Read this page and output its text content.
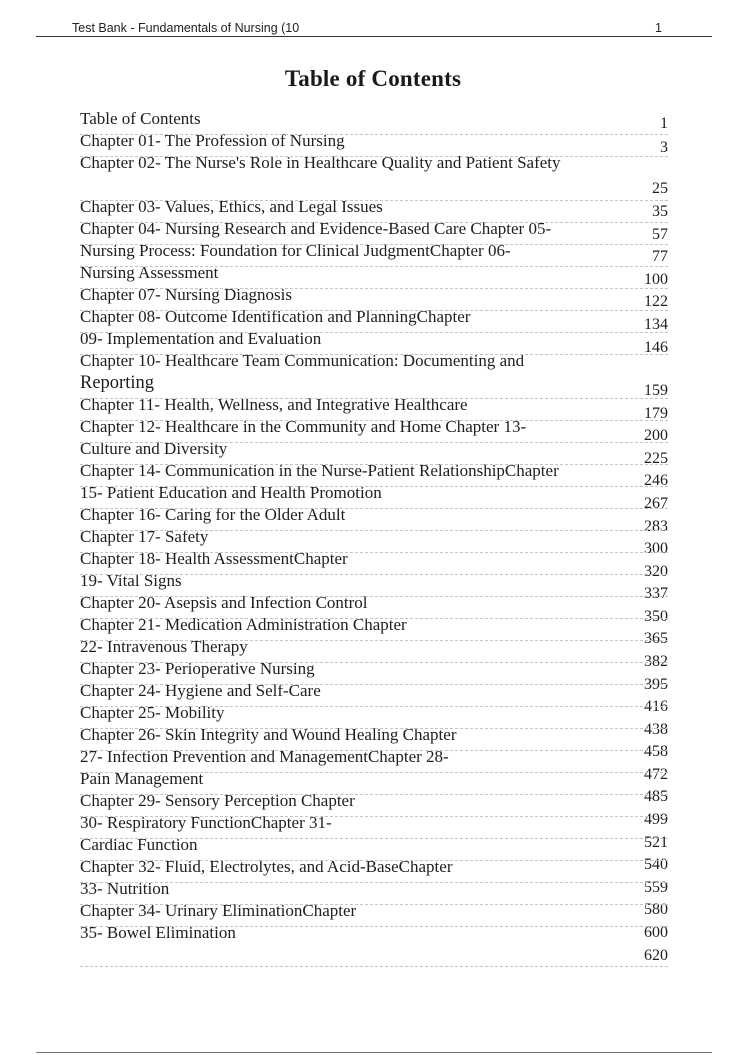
Test Bank - Fundamentals of Nursing (10	1
Table of Contents
Table of Contents
Chapter 01- The Profession of Nursing
Chapter 02- The Nurse's Role in Healthcare Quality and Patient Safety
Chapter 03- Values, Ethics, and Legal Issues
Chapter 04- Nursing Research and Evidence-Based Care Chapter 05-
Nursing Process: Foundation for Clinical JudgmentChapter 06-
Nursing Assessment
Chapter 07- Nursing Diagnosis
Chapter 08- Outcome Identification and PlanningChapter
09- Implementation and Evaluation
Chapter 10- Healthcare Team Communication: Documenting and
Reporting
Chapter 11- Health, Wellness, and Integrative Healthcare
Chapter 12- Healthcare in the Community and Home Chapter 13-
Culture and Diversity
Chapter 14- Communication in the Nurse-Patient RelationshipChapter
15- Patient Education and Health Promotion
Chapter 16- Caring for the Older Adult
Chapter 17- Safety
Chapter 18- Health AssessmentChapter
19- Vital Signs
Chapter 20- Asepsis and Infection Control
Chapter 21- Medication Administration Chapter
22- Intravenous Therapy
Chapter 23- Perioperative Nursing
Chapter 24- Hygiene and Self-Care
Chapter 25- Mobility
Chapter 26- Skin Integrity and Wound Healing Chapter
27- Infection Prevention and ManagementChapter 28-
Pain Management
Chapter 29- Sensory Perception Chapter
30- Respiratory FunctionChapter 31-
Cardiac Function
Chapter 32- Fluid, Electrolytes, and Acid-BaseChapter
33- Nutrition
Chapter 34- Urinary EliminationChapter
35- Bowel Elimination
1
3
25
35
57
77
100
122
134
146
159
179
200
225
246
267
283
300
320
337
350
365
382
395
416
438
458
472
485
499
521
540
559
580
600
620
